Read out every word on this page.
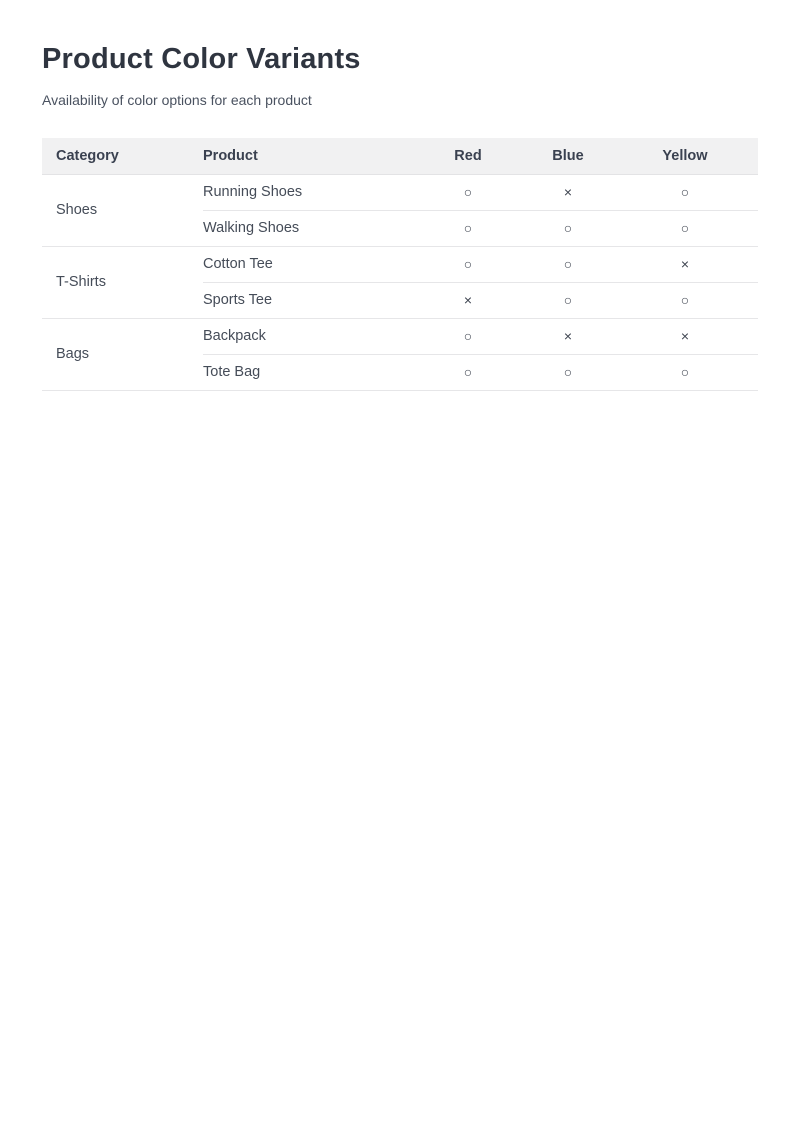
Product Color Variants

Availability of color options for each product

Category	Product	Red	Blue	Yellow
Shoes	Running Shoes	○	×	○
	Walking Shoes	○	○	○
T-Shirts	Cotton Tee	○	○	×
	Sports Tee	×	○	○
Bags	Backpack	○	×	×
	Tote Bag	○	○	○
